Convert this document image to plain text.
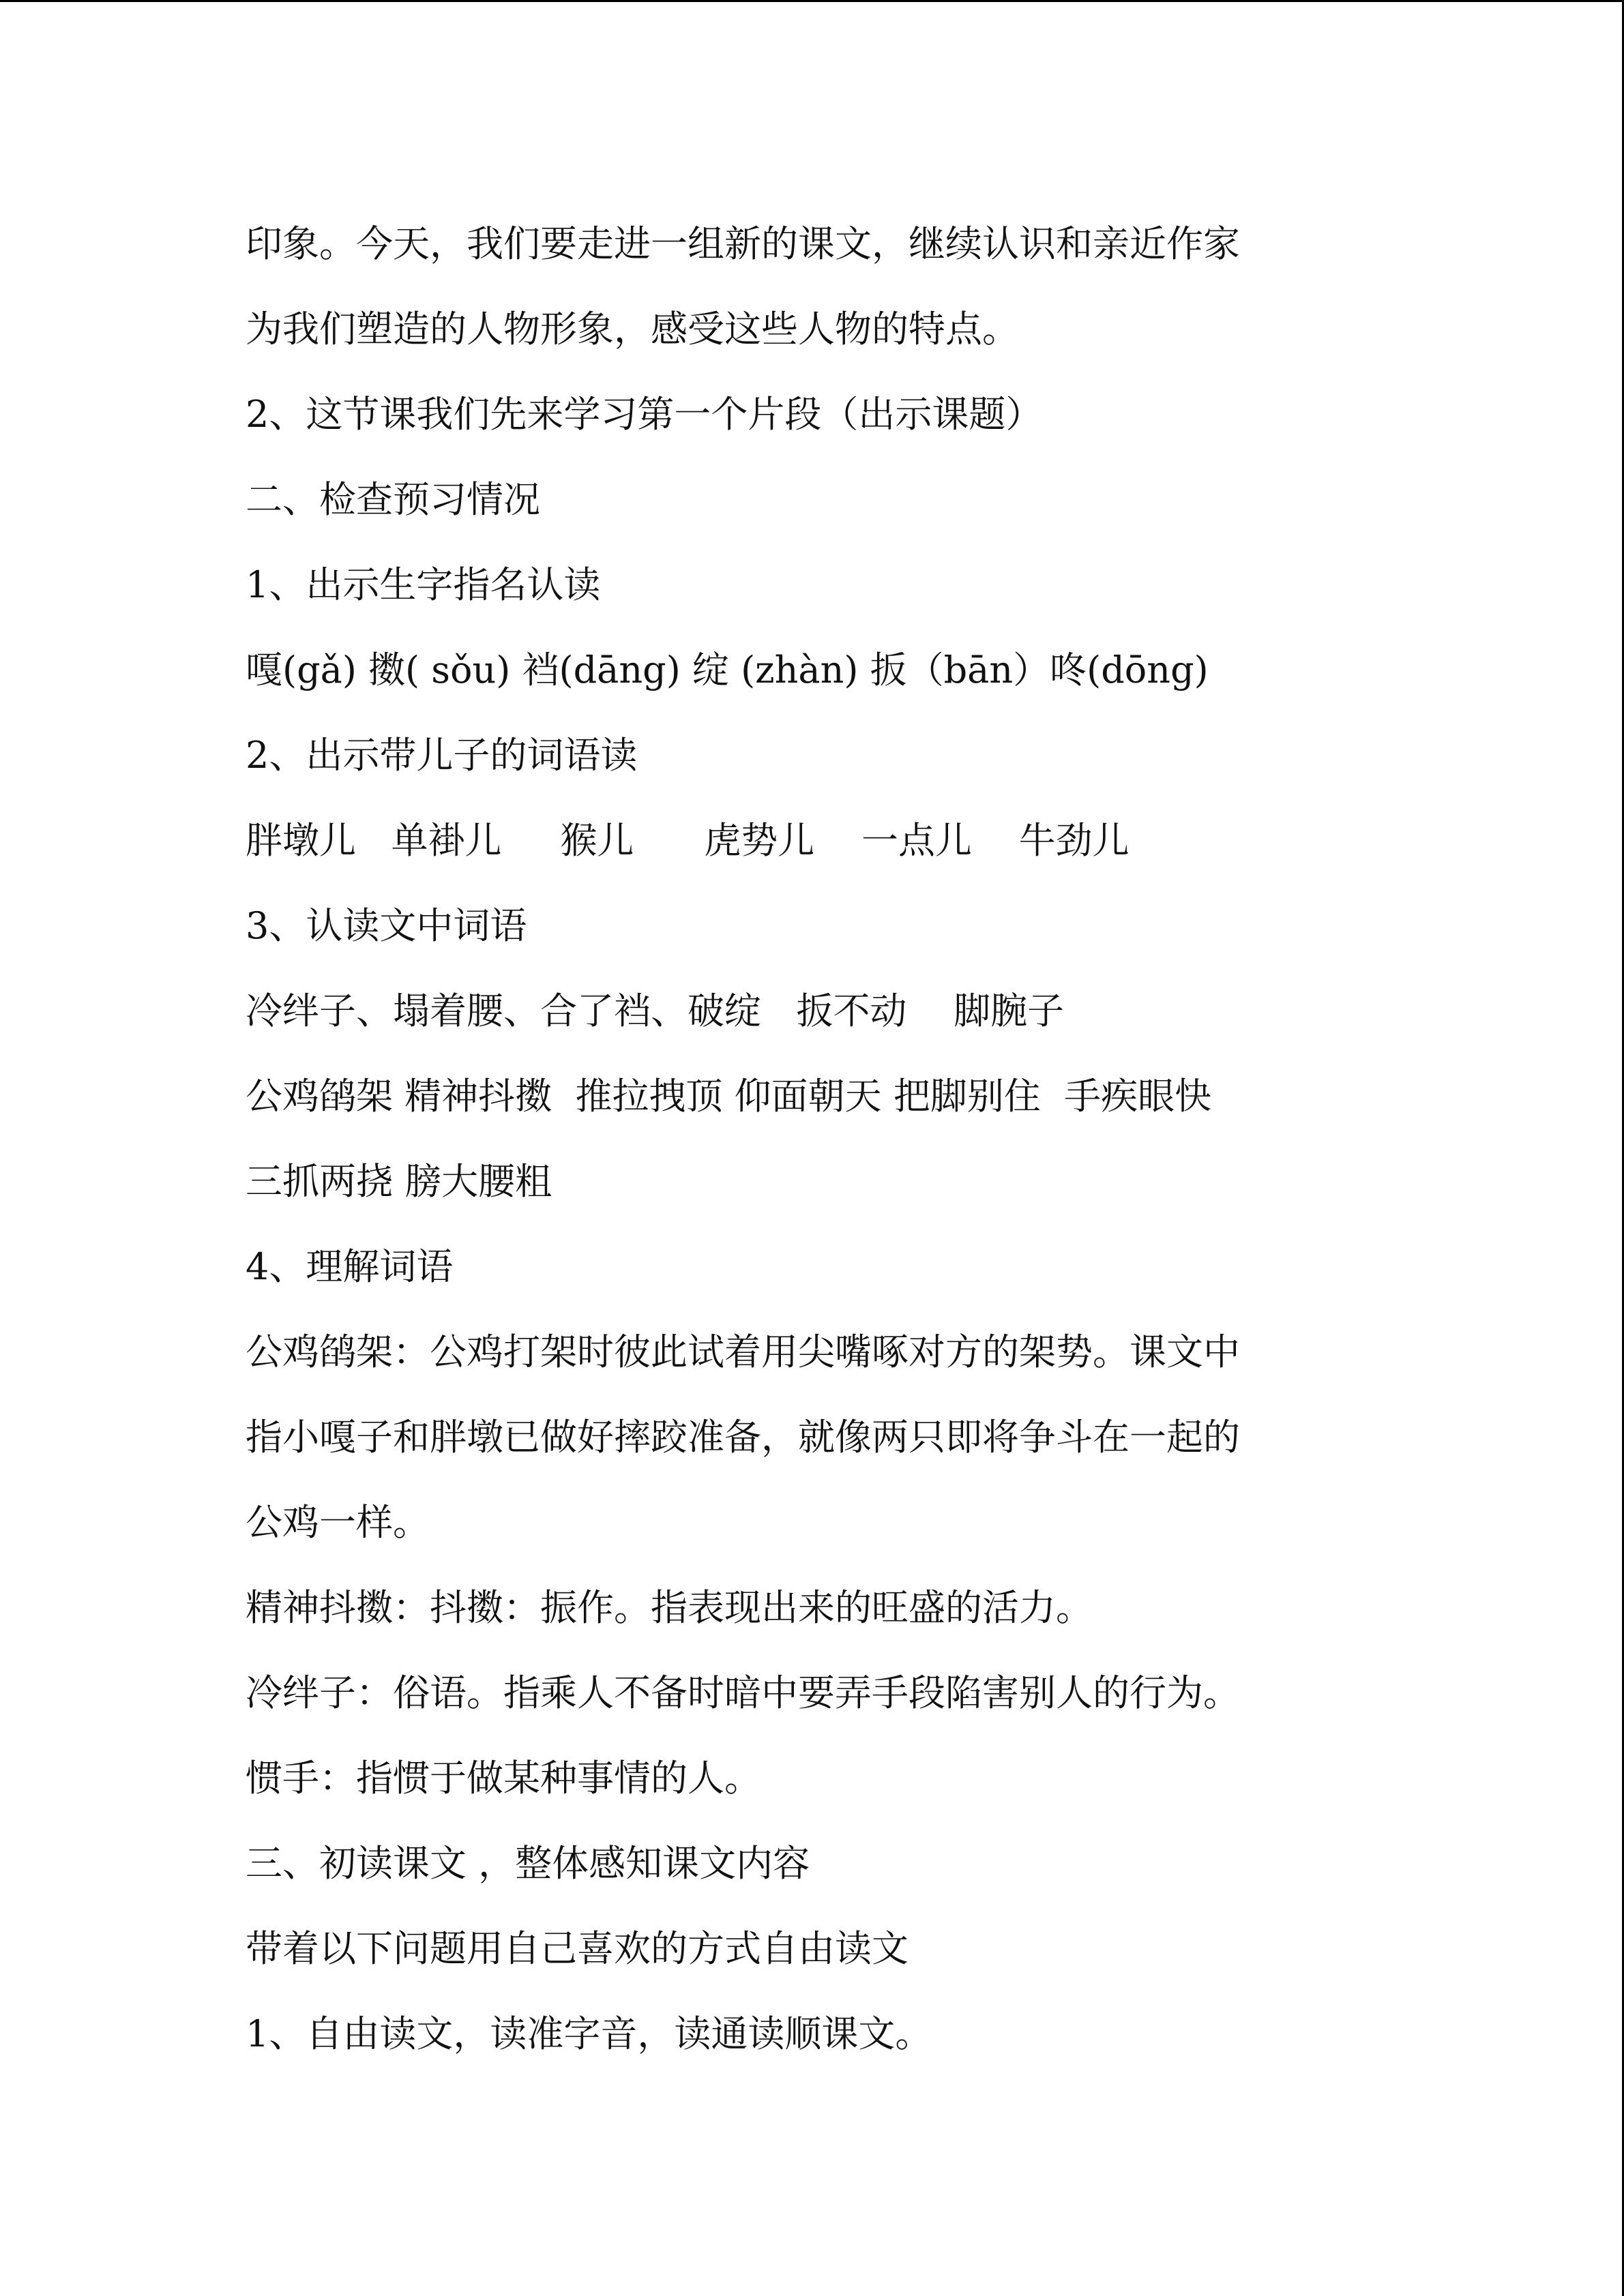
印象。今天，我们要走进一组新的课文，继续认识和亲近作家
为我们塑造的人物形象，感受这些人物的特点。
2、这节课我们先来学习第一个片段（出示课题）
二、检查预习情况
1、出示生字指名认读
嘎(gǎ) 擞( sǒu) 裆(dāng) 绽 (zhàn) 扳（bān）咚(dōng)
2、出示带儿子的词语读
胖墩儿   单褂儿     猴儿      虎势儿    一点儿    牛劲儿
3、认读文中词语
冷绊子、塌着腰、合了裆、破绽   扳不动    脚腕子
公鸡鹐架 精神抖擞  推拉拽顶 仰面朝天 把脚别住  手疾眼快
三抓两挠 膀大腰粗
4、理解词语
公鸡鹐架：公鸡打架时彼此试着用尖嘴啄对方的架势。课文中
指小嘎子和胖墩已做好摔跤准备，就像两只即将争斗在一起的
公鸡一样。
精神抖擞：抖擞：振作。指表现出来的旺盛的活力。
冷绊子：俗语。指乘人不备时暗中要弄手段陷害别人的行为。
惯手：指惯于做某种事情的人。
三、初读课文 ，整体感知课文内容
带着以下问题用自己喜欢的方式自由读文
1、自由读文，读准字音，读通读顺课文。
